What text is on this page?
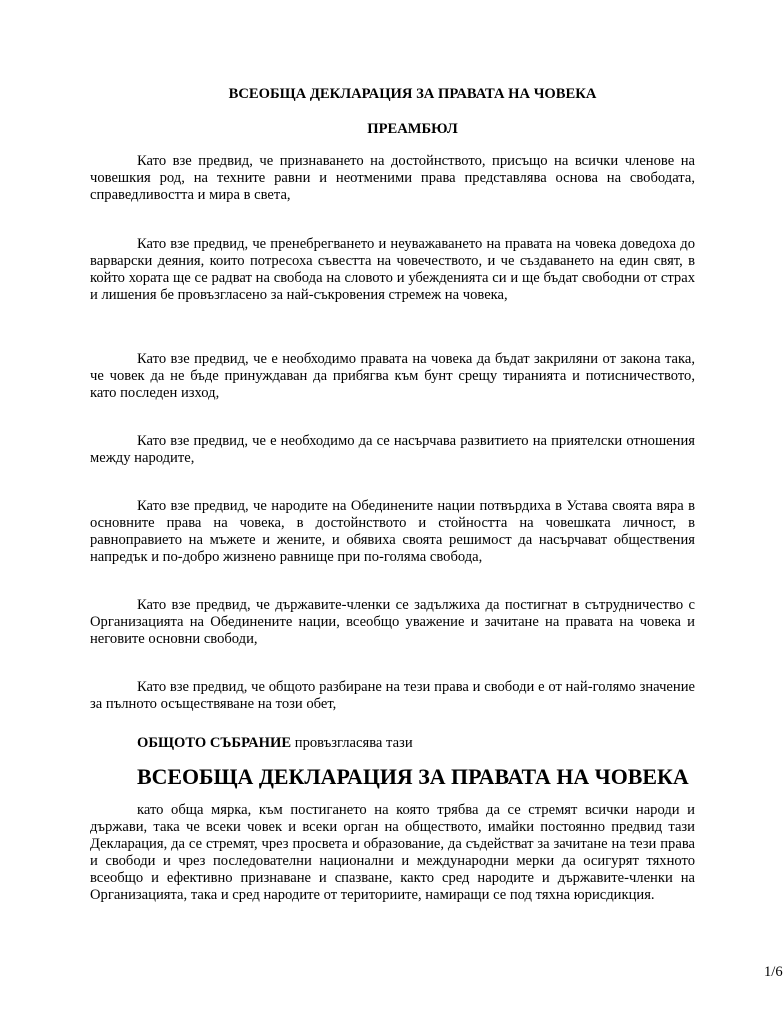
ВСЕОБЩА ДЕКЛАРАЦИЯ ЗА ПРАВАТА НА ЧОВЕКА
ПРЕАМБЮЛ

Като взе предвид, че признаването на достойнството, присъщо на всички членове на човешкия род, на техните равни и неотменими права представлява основа на свободата, справедливостта и мира в света,

Като взе предвид, че пренебрегването и неуважаването на правата на човека доведоха до варварски деяния, които потресоха съвестта на човечеството, и че създаването на един свят, в който хората ще се радват на свобода на словото и убежденията си и ще бъдат свободни от страх и лишения бе провъзгласено за най-съкровения стремеж на човека,

Като взе предвид, че е необходимо правата на човека да бъдат закриляни от закона така, че човек да не бъде принуждаван да прибягва към бунт срещу тиранията и потисничеството, като последен изход,

Като взе предвид, че е необходимо да се насърчава развитието на приятелски отношения между народите,

Като взе предвид, че народите на Обединените нации потвърдиха в Устава своята вяра в основните права на човека, в достойнството и стойността на човешката личност, в равноправието на мъжете и жените, и обявиха своята решимост да насърчават обществения напредък и по-добро жизнено равнище при по-голяма свобода,

Като взе предвид, че държавите-членки се задължиха да постигнат в сътрудничество с Организацията на Обединените нации, всеобщо уважение и зачитане на правата на човека и неговите основни свободи,

Като взе предвид, че общото разбиране на тези права и свободи е от най-голямо значение за пълното осъществяване на този обет,

ОБЩОТО СЪБРАНИЕ провъзгласява тази

ВСЕОБЩА ДЕКЛАРАЦИЯ ЗА ПРАВАТА НА ЧОВЕКА

като обща мярка, към постигането на която трябва да се стремят всички народи и държави, така че всеки човек и всеки орган на обществото, имайки постоянно предвид тази Декларация, да се стремят, чрез просвета и образование, да съдействат за зачитане на тези права и свободи и чрез последователни национални и международни мерки да осигурят тяхното всеобщо и ефективно признаване и спазване, както сред народите и държавите-членки на Организацията, така и сред народите от териториите, намиращи се под тяхна юрисдикция.

1/6
